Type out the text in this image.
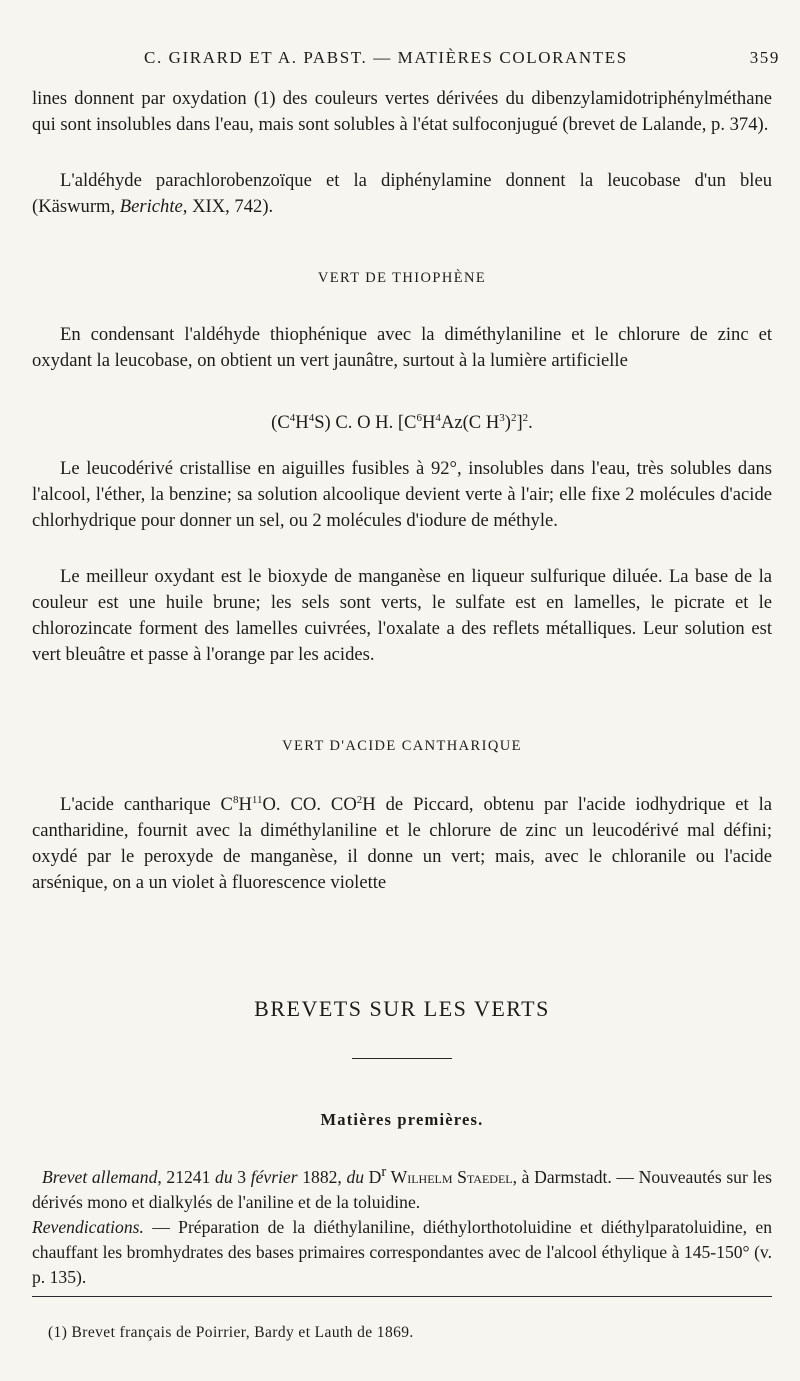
C. GIRARD ET A. PABST. — MATIÈRES COLORANTES	359

lines donnent par oxydation (1) des couleurs vertes dérivées du dibenzylamidotriphénylméthane qui sont insolubles dans l'eau, mais sont solubles à l'état sulfoconjugué (brevet de Lalande, p. 374).

L'aldéhyde parachlorobenzoïque et la diphénylamine donnent la leucobase d'un bleu (Käswurm, Berichte, XIX, 742).

VERT DE THIOPHÈNE

En condensant l'aldéhyde thiophénique avec la diméthylaniline et le chlorure de zinc et oxydant la leucobase, on obtient un vert jaunâtre, surtout à la lumière artificielle

$(C^4H^4S)$ C. O H. [$C^6H^4Az(C$ $H^3)^2]^2$.

Le leucodérivé cristallise en aiguilles fusibles à 92°, insolubles dans l'eau, très solubles dans l'alcool, l'éther, la benzine; sa solution alcoolique devient verte à l'air; elle fixe 2 molécules d'acide chlorhydrique pour donner un sel, ou 2 molécules d'iodure de méthyle.

Le meilleur oxydant est le bioxyde de manganèse en liqueur sulfurique diluée. La base de la couleur est une huile brune; les sels sont verts, le sulfate est en lamelles, le picrate et le chlorozincate forment des lamelles cuivrées, l'oxalate a des reflets métalliques. Leur solution est vert bleuâtre et passe à l'orange par les acides.

VERT D'ACIDE CANTHARIQUE

L'acide cantharique $C^8H^{11}O$. CO. $CO^2H$ de Piccard, obtenu par l'acide iodhydrique et la cantharidine, fournit avec la diméthylaniline et le chlorure de zinc un leucodérivé mal défini; oxydé par le peroxyde de manganèse, il donne un vert; mais, avec le chloranile ou l'acide arsénique, on a un violet à fluorescence violette

BREVETS SUR LES VERTS

Matières premières.

Brevet allemand, 21241 du 3 février 1882, du $D^r$ Wilhelm Staedel, à Darmstadt. — Nouveautés sur les dérivés mono et dialkylés de l'aniline et de la toluidine.
Revendications. — Préparation de la diéthylaniline, diéthylorthotoluidine et diéthylparatoluidine, en chauffant les bromhydrates des bases primaires correspondantes avec de l'alcool éthylique à 145-150° (v. p. 135).

(1) Brevet français de Poirrier, Bardy et Lauth de 1869.
